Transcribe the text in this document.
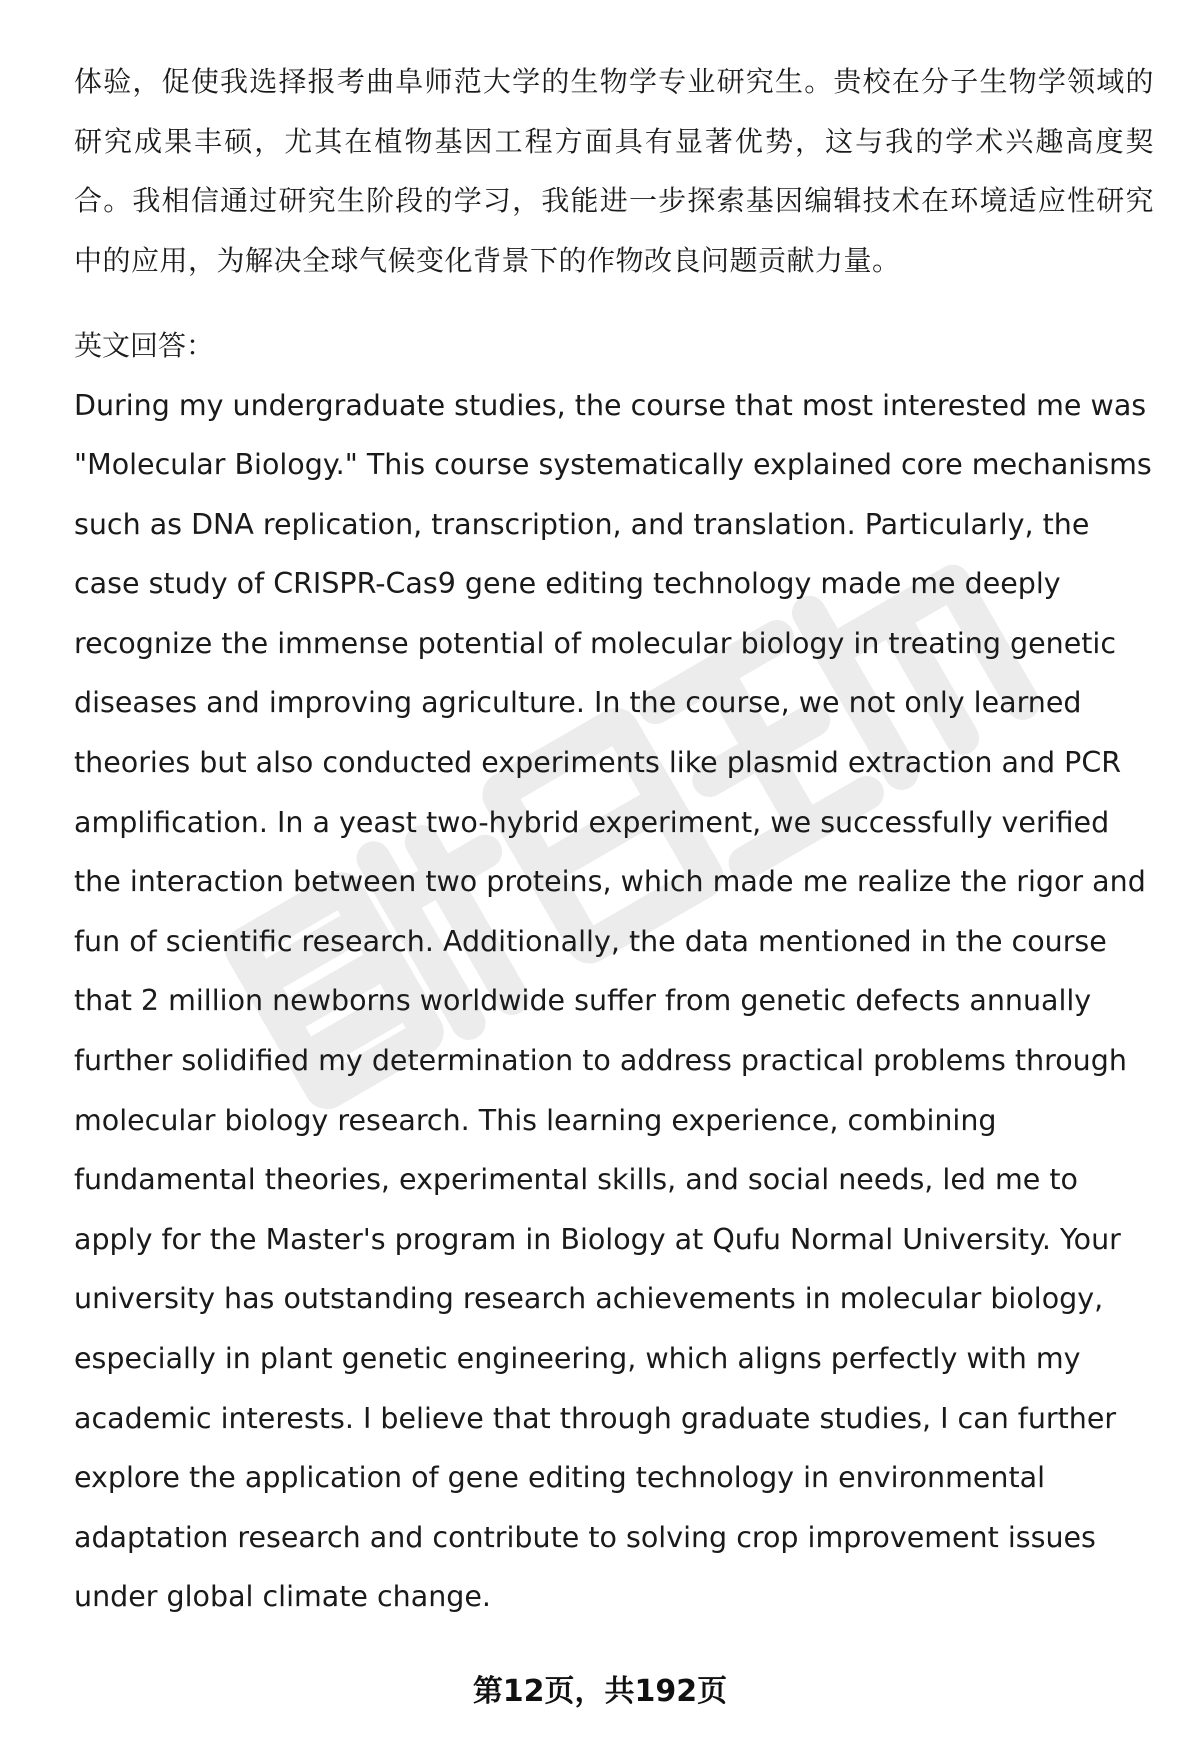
体验，促使我选择报考曲阜师范大学的生物学专业研究生。贵校在分子生物学领域的研究成果丰硕，尤其在植物基因工程方面具有显著优势，这与我的学术兴趣高度契合。我相信通过研究生阶段的学习，我能进一步探索基因编辑技术在环境适应性研究中的应用，为解决全球气候变化背景下的作物改良问题贡献力量。

英文回答：

During my undergraduate studies, the course that most interested me was "Molecular Biology." This course systematically explained core mechanisms such as DNA replication, transcription, and translation. Particularly, the case study of CRISPR-Cas9 gene editing technology made me deeply recognize the immense potential of molecular biology in treating genetic diseases and improving agriculture. In the course, we not only learned theories but also conducted experiments like plasmid extraction and PCR amplification. In a yeast two-hybrid experiment, we successfully verified the interaction between two proteins, which made me realize the rigor and fun of scientific research. Additionally, the data mentioned in the course that 2 million newborns worldwide suffer from genetic defects annually further solidified my determination to address practical problems through molecular biology research. This learning experience, combining fundamental theories, experimental skills, and social needs, led me to apply for the Master's program in Biology at Qufu Normal University. Your university has outstanding research achievements in molecular biology, especially in plant genetic engineering, which aligns perfectly with my academic interests. I believe that through graduate studies, I can further explore the application of gene editing technology in environmental adaptation research and contribute to solving crop improvement issues under global climate change.

第12页，共192页
